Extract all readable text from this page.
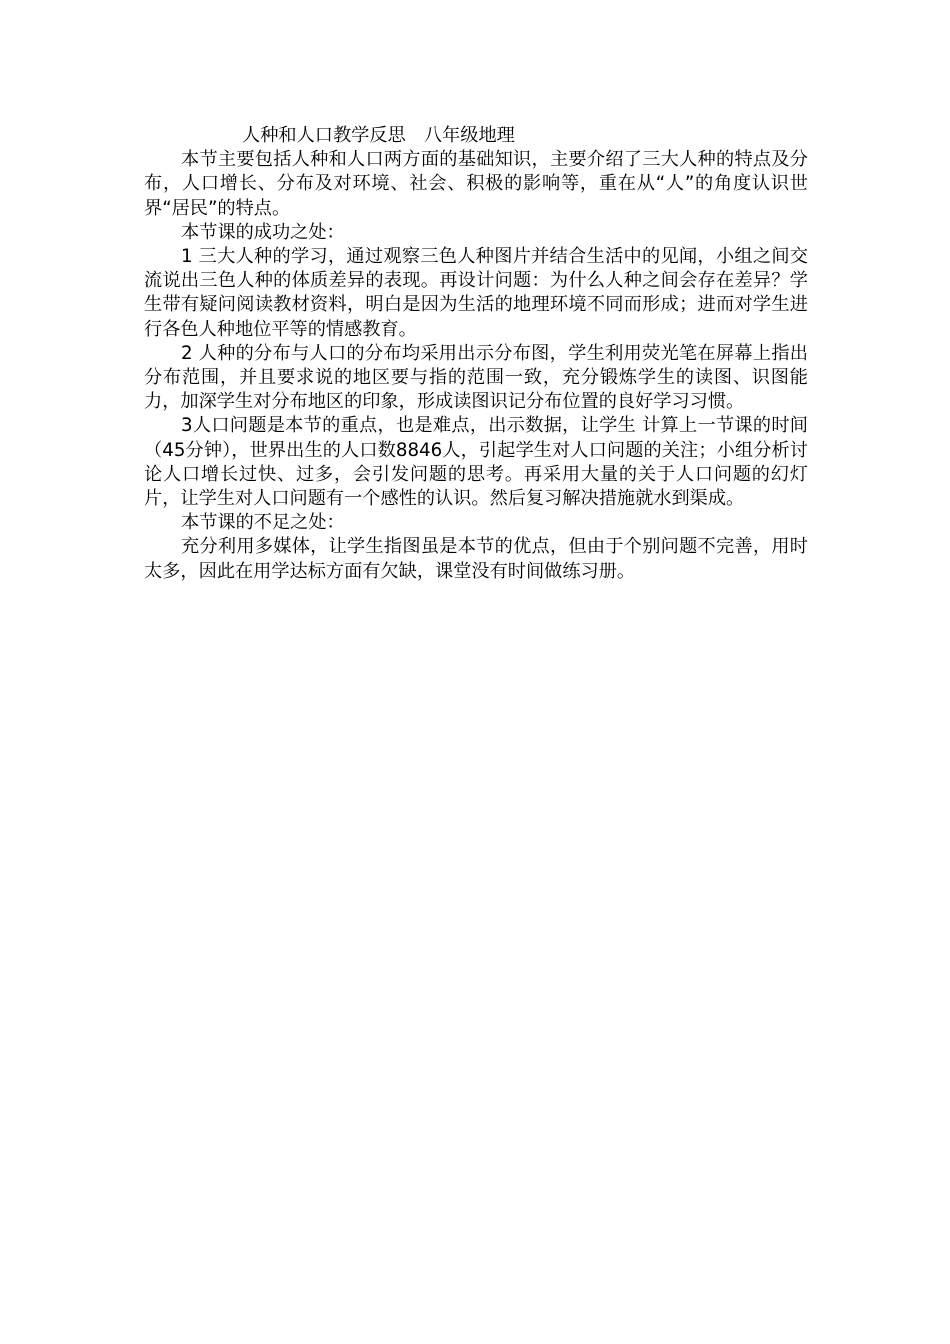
人种和人口教学反思　八年级地理

本节主要包括人种和人口两方面的基础知识，主要介绍了三大人种的特点及分布，人口增长、分布及对环境、社会、积极的影响等，重在从“人”的角度认识世界“居民”的特点。

本节课的成功之处：

1 三大人种的学习，通过观察三色人种图片并结合生活中的见闻，小组之间交流说出三色人种的体质差异的表现。再设计问题：为什么人种之间会存在差异？学生带有疑问阅读教材资料，明白是因为生活的地理环境不同而形成；进而对学生进行各色人种地位平等的情感教育。

2 人种的分布与人口的分布均采用出示分布图，学生利用荧光笔在屏幕上指出分布范围，并且要求说的地区要与指的范围一致，充分锻炼学生的读图、识图能力，加深学生对分布地区的印象，形成读图识记分布位置的良好学习习惯。

3人口问题是本节的重点，也是难点，出示数据，让学生 计算上一节课的时间（45分钟），世界出生的人口数8846人，引起学生对人口问题的关注；小组分析讨论人口增长过快、过多，会引发问题的思考。再采用大量的关于人口问题的幻灯片，让学生对人口问题有一个感性的认识。然后复习解决措施就水到渠成。

本节课的不足之处：

充分利用多媒体，让学生指图虽是本节的优点，但由于个别问题不完善，用时太多，因此在用学达标方面有欠缺，课堂没有时间做练习册。
